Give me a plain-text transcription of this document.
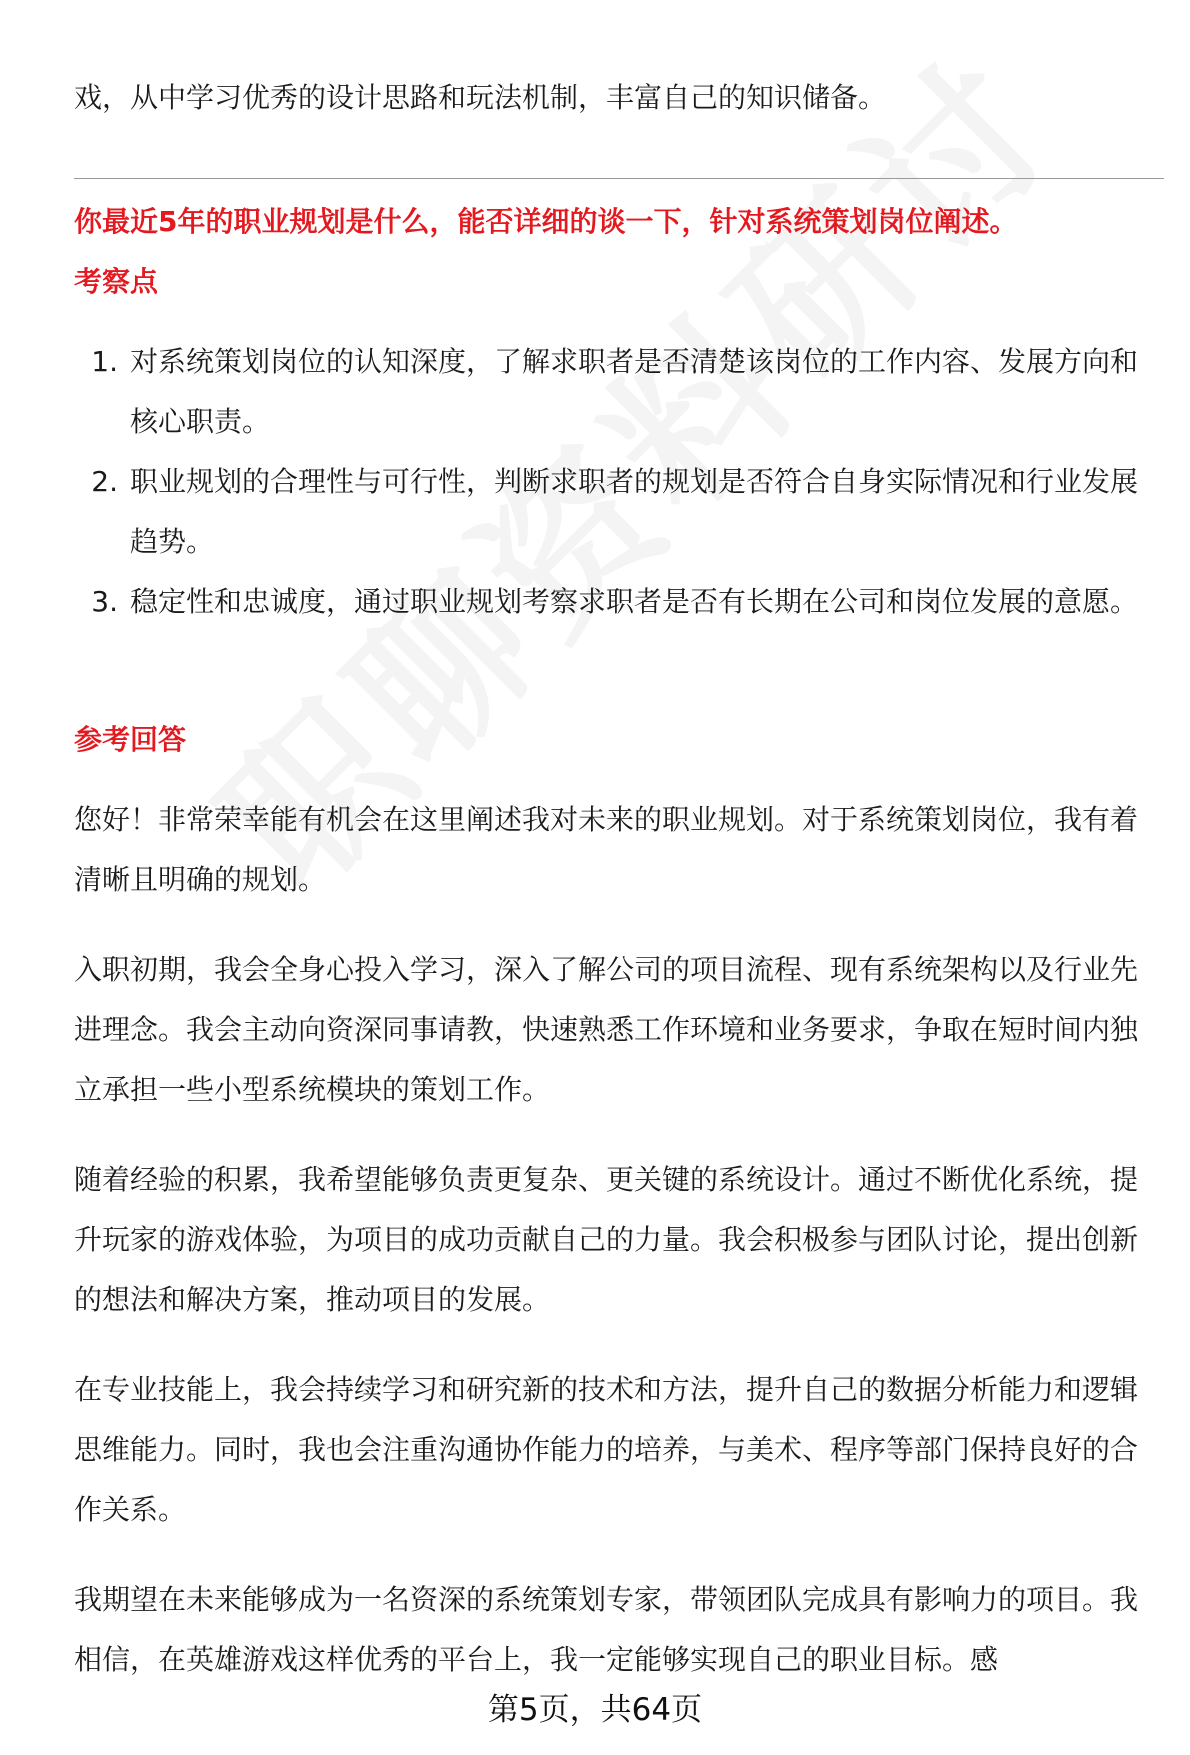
戏，从中学习优秀的设计思路和玩法机制，丰富自己的知识储备。

你最近5年的职业规划是什么，能否详细的谈一下，针对系统策划岗位阐述。

考察点

1. 对系统策划岗位的认知深度，了解求职者是否清楚该岗位的工作内容、发展方向和核心职责。
2. 职业规划的合理性与可行性，判断求职者的规划是否符合自身实际情况和行业发展趋势。
3. 稳定性和忠诚度，通过职业规划考察求职者是否有长期在公司和岗位发展的意愿。

参考回答

您好！非常荣幸能有机会在这里阐述我对未来的职业规划。对于系统策划岗位，我有着清晰且明确的规划。

入职初期，我会全身心投入学习，深入了解公司的项目流程、现有系统架构以及行业先进理念。我会主动向资深同事请教，快速熟悉工作环境和业务要求，争取在短时间内独立承担一些小型系统模块的策划工作。

随着经验的积累，我希望能够负责更复杂、更关键的系统设计。通过不断优化系统，提升玩家的游戏体验，为项目的成功贡献自己的力量。我会积极参与团队讨论，提出创新的想法和解决方案，推动项目的发展。

在专业技能上，我会持续学习和研究新的技术和方法，提升自己的数据分析能力和逻辑思维能力。同时，我也会注重沟通协作能力的培养，与美术、程序等部门保持良好的合作关系。

我期望在未来能够成为一名资深的系统策划专家，带领团队完成具有影响力的项目。我相信，在英雄游戏这样优秀的平台上，我一定能够实现自己的职业目标。感

第5页，共64页
